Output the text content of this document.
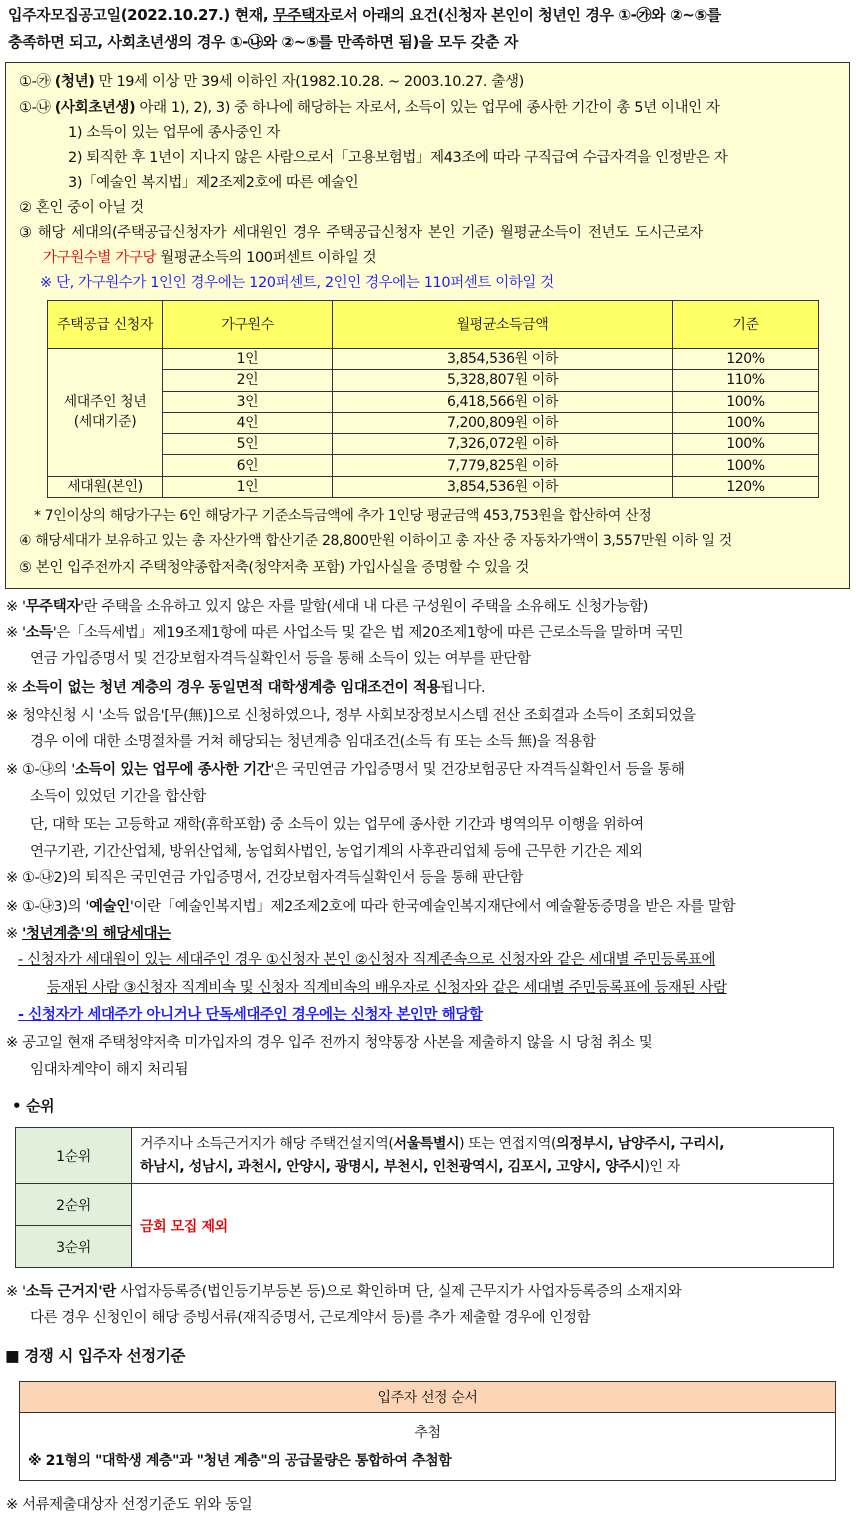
입주자모집공고일(2022.10.27.) 현재, 무주택자로서 아래의 요건(신청자 본인이 청년인 경우 ①-㉮와 ②~⑤를
충족하면 되고, 사회초년생의 경우 ①-㉯와 ②~⑤를 만족하면 됨)을 모두 갖춘 자
①-㉮ (청년) 만 19세 이상 만 39세 이하인 자(1982.10.28. ~ 2003.10.27. 출생)
①-㉯ (사회초년생) 아래 1), 2), 3) 중 하나에 해당하는 자로서, 소득이 있는 업무에 종사한 기간이 총 5년 이내인 자
1) 소득이 있는 업무에 종사중인 자
2) 퇴직한 후 1년이 지나지 않은 사람으로서「고용보험법」제43조에 따라 구직급여 수급자격을 인정받은 자
3)「예술인 복지법」제2조제2호에 따른 예술인
② 혼인 중이 아닐 것
③ 해당 세대의(주택공급신청자가 세대원인 경우 주택공급신청자 본인 기준) 월평균소득이 전년도 도시근로자
가구원수별 가구당 월평균소득의 100퍼센트 이하일 것
※ 단, 가구원수가 1인인 경우에는 120퍼센트, 2인인 경우에는 110퍼센트 이하일 것
주택공급 신청자	가구원수	월평균소득금액	기준

세대주인 청년
(세대기준)	1인	3,854,536원 이하	120%
	2인	5,328,807원 이하	110%
	3인	6,418,566원 이하	100%
	4인	7,200,809원 이하	100%
	5인	7,326,072원 이하	100%
	6인	7,779,825원 이하	100%
세대원(본인)	1인	3,854,536원 이하	120%
* 7인이상의 해당가구는 6인 해당가구 기준소득금액에 추가 1인당 평균금액 453,753원을 합산하여 산정
④ 해당세대가 보유하고 있는 총 자산가액 합산기준 28,800만원 이하이고 총 자산 중 자동차가액이 3,557만원 이하 일 것
⑤ 본인 입주전까지 주택청약종합저축(청약저축 포함) 가입사실을 증명할 수 있을 것
※ '무주택자'란 주택을 소유하고 있지 않은 자를 말함(세대 내 다른 구성원이 주택을 소유해도 신청가능함)
※ '소득'은「소득세법」제19조제1항에 따른 사업소득 및 같은 법 제20조제1항에 따른 근로소득을 말하며 국민
연금 가입증명서 및 건강보험자격득실확인서 등을 통해 소득이 있는 여부를 판단함
※ 소득이 없는 청년 계층의 경우 동일면적 대학생계층 임대조건이 적용됩니다.
※ 청약신청 시 '소득 없음'[무(無)]으로 신청하였으나, 정부 사회보장정보시스템 전산 조회결과 소득이 조회되었을
경우 이에 대한 소명절차를 거쳐 해당되는 청년계층 임대조건(소득 有 또는 소득 無)을 적용함
※ ①-㉯의 '소득이 있는 업무에 종사한 기간'은 국민연금 가입증명서 및 건강보험공단 자격득실확인서 등을 통해
소득이 있었던 기간을 합산함
단, 대학 또는 고등학교 재학(휴학포함) 중 소득이 있는 업무에 종사한 기간과 병역의무 이행을 위하여
연구기관, 기간산업체, 방위산업체, 농업회사법인, 농업기계의 사후관리업체 등에 근무한 기간은 제외
※ ①-㉯2)의 퇴직은 국민연금 가입증명서, 건강보험자격득실확인서 등을 통해 판단함
※ ①-㉯3)의 '예술인'이란「예술인복지법」제2조제2호에 따라 한국예술인복지재단에서 예술활동증명을 받은 자를 말함
※ '청년계층'의 해당세대는
- 신청자가 세대원이 있는 세대주인 경우 ①신청자 본인 ②신청자 직계존속으로 신청자와 같은 세대별 주민등록표에
등재된 사람 ③신청자 직계비속 및 신청자 직계비속의 배우자로 신청자와 같은 세대별 주민등록표에 등재된 사람
- 신청자가 세대주가 아니거나 단독세대주인 경우에는 신청자 본인만 해당함
※ 공고일 현재 주택청약저축 미가입자의 경우 입주 전까지 청약통장 사본을 제출하지 않을 시 당첨 취소 및
임대차계약이 해지 처리됨
• 순위
1순위	거주지나 소득근거지가 해당 주택건설지역(서울특별시) 또는 연접지역(의정부시, 남양주시, 구리시,
하남시, 성남시, 과천시, 안양시, 광명시, 부천시, 인천광역시, 김포시, 고양시, 양주시)인 자
2순위	금회 모집 제외
3순위	
※ '소득 근거지'란 사업자등록증(법인등기부등본 등)으로 확인하며 단, 실제 근무지가 사업자등록증의 소재지와
다른 경우 신청인이 해당 증빙서류(재직증명서, 근로계약서 등)를 추가 제출할 경우에 인정함
■ 경쟁 시 입주자 선정기준
입주자 선정 순서

추첨
※ 21형의 "대학생 계층"과 "청년 계층"의 공급물량은 통합하여 추첨함
※ 서류제출대상자 선정기준도 위와 동일
